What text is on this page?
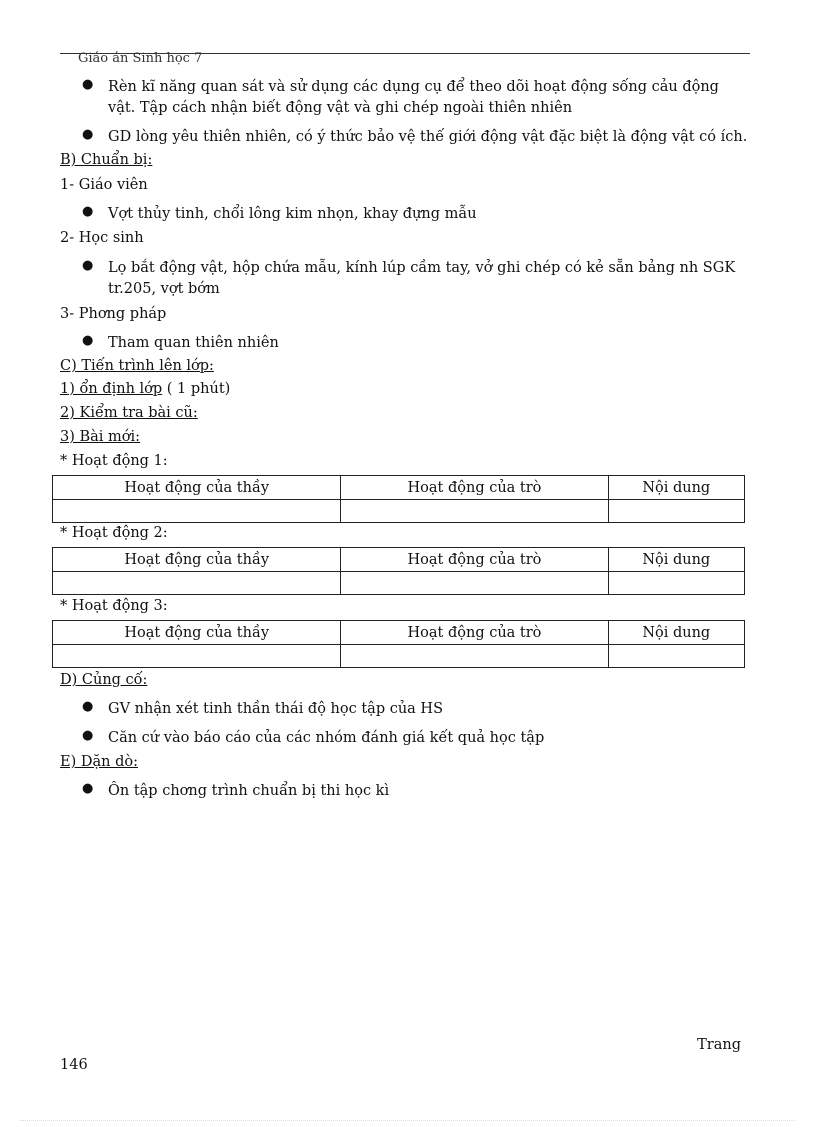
Giáo án Sinh học 7
● Rèn kĩ năng quan sát và sử dụng các dụng cụ để theo dõi hoạt động sống cảu động vật. Tập cách nhận biết động vật và ghi chép ngoài thiên nhiên
● GD lòng yêu thiên nhiên, có ý thức bảo vệ thế giới động vật đặc biệt là động vật có ích.
B) Chuẩn bị:
1- Giáo viên
● Vợt thủy tinh, chổi lông kim nhọn, khay đựng mẫu
2- Học sinh
● Lọ bắt động vật, hộp chứa mẫu, kính lúp cầm tay, vở ghi chép có kẻ sẵn bảng nh SGK tr.205, vợt bớm
3- Phơng pháp
● Tham quan thiên nhiên
C) Tiến trình lên lớp:
1) ổn định lớp ( 1 phút)
2) Kiểm tra bài cũ:
3) Bài mới:
* Hoạt động 1:
Hoạt động của thầy	Hoạt động của trò	Nội dung

* Hoạt động 2:
Hoạt động của thầy	Hoạt động của trò	Nội dung

* Hoạt động 3:
Hoạt động của thầy	Hoạt động của trò	Nội dung

D) Củng cố:
● GV nhận xét tinh thần thái độ học tập của HS
● Căn cứ vào báo cáo của các nhóm đánh giá kết quả học tập
E) Dặn dò:
● Ôn tập chơng trình chuẩn bị thi học kì
Trang
146
